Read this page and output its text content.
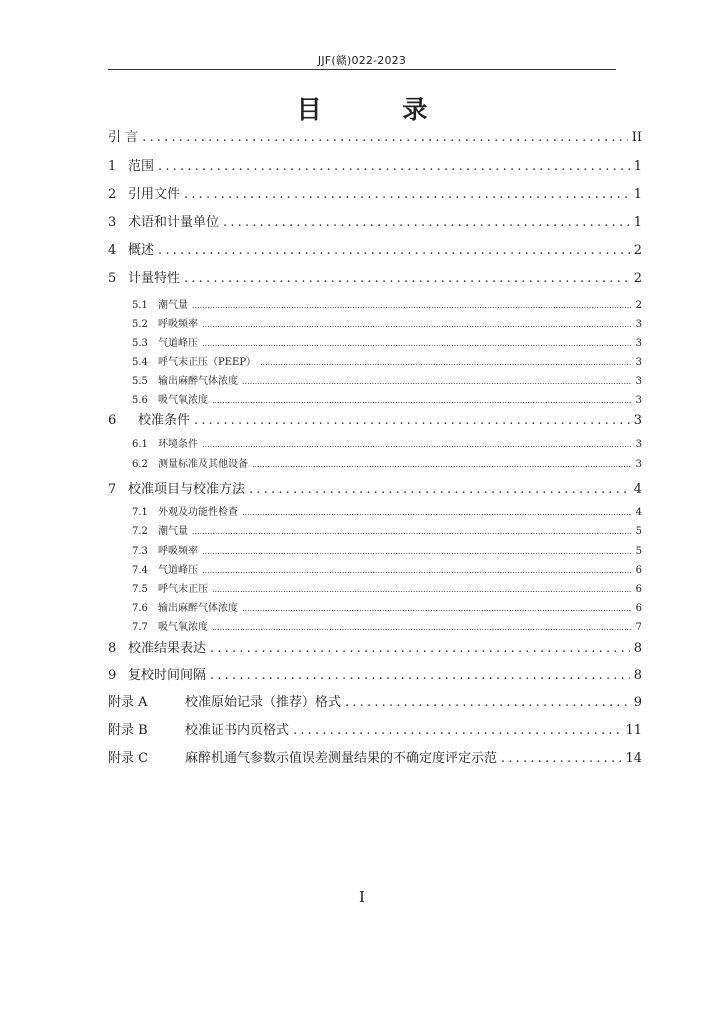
JJF(赣)022-2023
目 录
引 言 .....	II
1 范围 .....	1
2 引用文件 .....	1
3 术语和计量单位 .....	1
4 概述 .....	2
5 计量特性 .....	2
5.1	潮气量 .....	2
5.2	呼吸频率 .....	3
5.3	气道峰压 .....	3
5.4	呼气末正压（PEEP） .....	3
5.5	输出麻醉气体浓度 .....	3
5.6	吸气氧浓度 .....	3
6	校准条件 .....	3
6.1	环境条件 .....	3
6.2	测量标准及其他设备 .....	3
7 校准项目与校准方法 .....	4
7.1	外观及功能性检查 .....	4
7.2	潮气量 .....	5
7.3	呼吸频率 .....	5
7.4	气道峰压 .....	6
7.5	呼气末正压 .....	6
7.6	输出麻醉气体浓度 .....	6
7.7	吸气氧浓度 .....	7
8 校准结果表达 .....	8
9 复校时间间隔 .....	8
附录 A	校准原始记录（推荐）格式 .....	9
附录 B	校准证书内页格式 .....	11
附录 C	麻醉机通气参数示值误差测量结果的不确定度评定示范 .....	14
I
